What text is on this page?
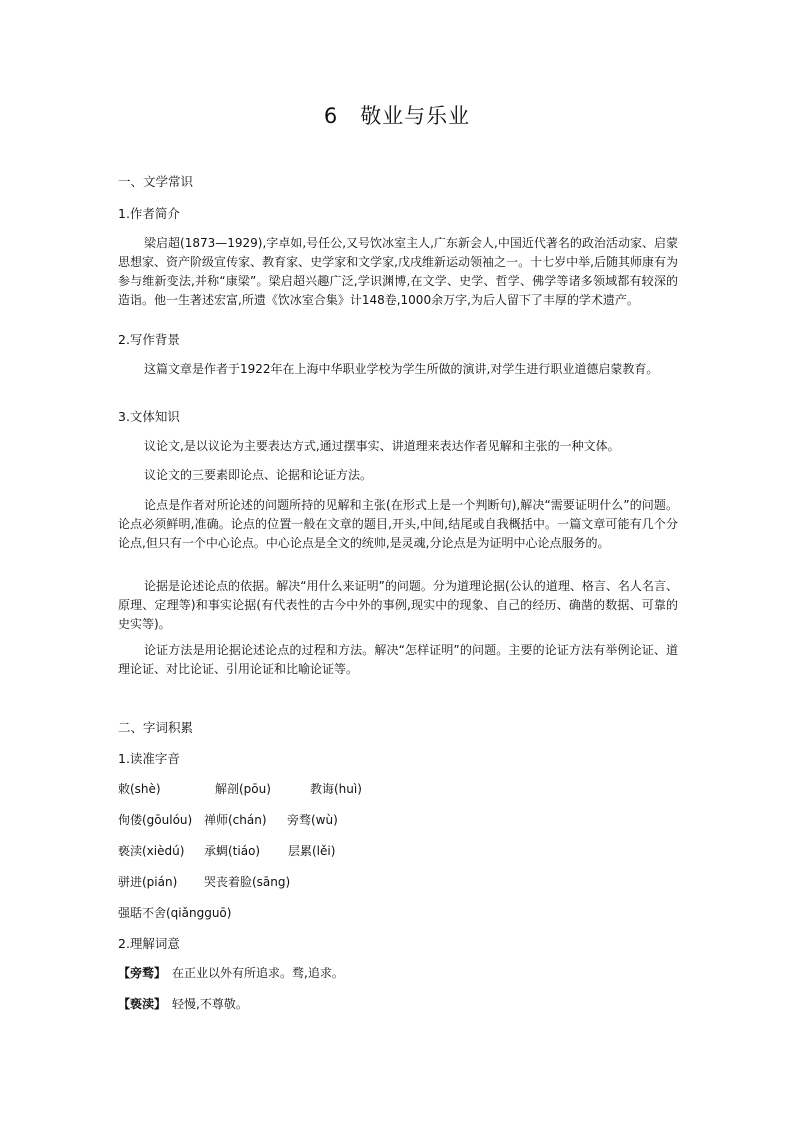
6 敬业与乐业
一、文学常识
1.作者简介
梁启超(1873—1929),字卓如,号任公,又号饮冰室主人,广东新会人,中国近代著名的政治活动家、启蒙思想家、资产阶级宣传家、教育家、史学家和文学家,戊戌维新运动领袖之一。十七岁中举,后随其师康有为参与维新变法,并称“康梁”。梁启超兴趣广泛,学识渊博,在文学、史学、哲学、佛学等诸多领域都有较深的造诣。他一生著述宏富,所遗《饮冰室合集》计148卷,1000余万字,为后人留下了丰厚的学术遗产。
2.写作背景
这篇文章是作者于1922年在上海中华职业学校为学生所做的演讲,对学生进行职业道德启蒙教育。
3.文体知识
议论文,是以议论为主要表达方式,通过摆事实、讲道理来表达作者见解和主张的一种文体。
议论文的三要素即论点、论据和论证方法。
论点是作者对所论述的问题所持的见解和主张(在形式上是一个判断句),解决“需要证明什么”的问题。论点必须鲜明,准确。论点的位置一般在文章的题目,开头,中间,结尾或自我概括中。一篇文章可能有几个分论点,但只有一个中心论点。中心论点是全文的统帅,是灵魂,分论点是为证明中心论点服务的。
论据是论述论点的依据。解决“用什么来证明”的问题。分为道理论据(公认的道理、格言、名人名言、原理、定理等)和事实论据(有代表性的古今中外的事例,现实中的现象、自己的经历、确凿的数据、可靠的史实等)。
论证方法是用论据论述论点的过程和方法。解决“怎样证明”的问题。主要的论证方法有举例论证、道理论证、对比论证、引用论证和比喻论证等。
二、字词积累
1.读准字音
敇(shè)	解剖(pōu)	教诲(huì)
佝偻(gōulóu) 禅师(chán) 旁骛(wù)
亵渎(xièdú) 承蜩(tiáo) 层累(lěi)
骈进(pián) 哭丧着脸(sāng)
强聒不舍(qiǎngguō)
2.理解词意
【旁骛】 在正业以外有所追求。骛,追求。
【亵渎】 轻慢,不尊敬。
